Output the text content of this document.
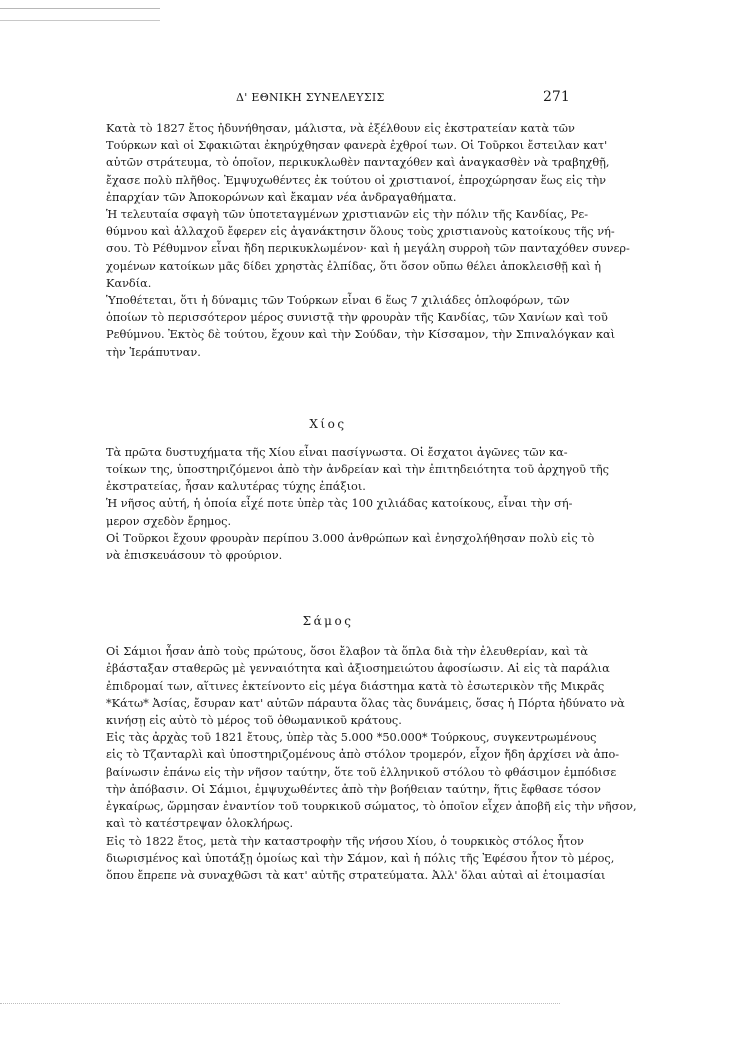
Δ' ΕΘΝΙΚΗ ΣΥΝΕΛΕΥΣΙΣ	271

Κατὰ τὸ 1827 ἔτος ἠδυνήθησαν, μάλιστα, νὰ ἐξέλθουν εἰς ἐκστρατείαν κατὰ τῶν
Τούρκων καὶ οἱ Σφακιῶται ἐκηρύχθησαν φανερὰ ἐχθροί των. Οἱ Τοῦρκοι ἔστειλαν κατ'
αὐτῶν στράτευμα, τὸ ὁποῖον, περικυκλωθὲν πανταχόθεν καὶ ἀναγκασθὲν νὰ τραβηχθῇ,
ἔχασε πολὺ πλῆθος. Ἐμψυχωθέντες ἐκ τούτου οἱ χριστιανοί, ἐπροχώρησαν ἕως εἰς τὴν
ἐπαρχίαν τῶν Ἀποκορώνων καὶ ἔκαμαν νέα ἀνδραγαθήματα.

Ἡ τελευταία σφαγὴ τῶν ὑποτεταγμένων χριστιανῶν εἰς τὴν πόλιν τῆς Κανδίας, Ρε-
θύμνου καὶ ἀλλαχοῦ ἔφερεν εἰς ἀγανάκτησιν ὅλους τοὺς χριστιανοὺς κατοίκους τῆς νή-
σου. Τὸ Ρέθυμνον εἶναι ἤδη περικυκλωμένον· καὶ ἡ μεγάλη συρροὴ τῶν πανταχόθεν συνερ-
χομένων κατοίκων μᾶς δίδει χρηστὰς ἐλπίδας, ὅτι ὅσον οὔπω θέλει ἀποκλεισθῇ καὶ ἡ
Κανδία.

Ὑποθέτεται, ὅτι ἡ δύναμις τῶν Τούρκων εἶναι 6 ἕως 7 χιλιάδες ὁπλοφόρων, τῶν
ὁποίων τὸ περισσότερον μέρος συνιστᾷ τὴν φρουρὰν τῆς Κανδίας, τῶν Χανίων καὶ τοῦ
Ρεθύμνου. Ἐκτὸς δὲ τούτου, ἔχουν καὶ τὴν Σούδαν, τὴν Κίσσαμον, τὴν Σπιναλόγκαν καὶ
τὴν Ἱεράπυτναν.

Χίος

Τὰ πρῶτα δυστυχήματα τῆς Χίου εἶναι πασίγνωστα. Οἱ ἔσχατοι ἀγῶνες τῶν κα-
τοίκων της, ὑποστηριζόμενοι ἀπὸ τὴν ἀνδρείαν καὶ τὴν ἐπιτηδειότητα τοῦ ἀρχηγοῦ τῆς
ἐκστρατείας, ἦσαν καλυτέρας τύχης ἐπάξιοι.

Ἡ νῆσος αὐτή, ἡ ὁποία εἶχέ ποτε ὑπὲρ τὰς 100 χιλιάδας κατοίκους, εἶναι τὴν σή-
μερον σχεδὸν ἔρημος.

Οἱ Τοῦρκοι ἔχουν φρουρὰν περίπου 3.000 ἀνθρώπων καὶ ἐνησχολήθησαν πολὺ εἰς τὸ
νὰ ἐπισκευάσουν τὸ φρούριον.

Σάμος

Οἱ Σάμιοι ἦσαν ἀπὸ τοὺς πρώτους, ὅσοι ἔλαβον τὰ ὅπλα διὰ τὴν ἐλευθερίαν, καὶ τὰ
ἐβάσταξαν σταθερῶς μὲ γενναιότητα καὶ ἀξιοσημειώτου ἀφοσίωσιν. Αἱ εἰς τὰ παράλια
ἐπιδρομαί των, αἵτινες ἐκτείνοντο εἰς μέγα διάστημα κατὰ τὸ ἐσωτερικὸν τῆς Μικρᾶς
*Κάτω* Ἀσίας, ἔσυραν κατ' αὐτῶν πάραυτα ὅλας τὰς δυνάμεις, ὅσας ἡ Πόρτα ἠδύνατο νὰ
κινήσῃ εἰς αὐτὸ τὸ μέρος τοῦ ὀθωμανικοῦ κράτους.

Εἰς τὰς ἀρχὰς τοῦ 1821 ἔτους, ὑπὲρ τὰς 5.000 *50.000* Τούρκους, συγκεντρωμένους
εἰς τὸ Τζανταρλὶ καὶ ὑποστηριζομένους ἀπὸ στόλον τρομερόν, εἶχον ἤδη ἀρχίσει νὰ ἀπο-
βαίνωσιν ἐπάνω εἰς τὴν νῆσον ταύτην, ὅτε τοῦ ἑλληνικοῦ στόλου τὸ φθάσιμον ἐμπόδισε
τὴν ἀπόβασιν. Οἱ Σάμιοι, ἐμψυχωθέντες ἀπὸ τὴν βοήθειαν ταύτην, ἥτις ἔφθασε τόσον
ἐγκαίρως, ὥρμησαν ἐναντίον τοῦ τουρκικοῦ σώματος, τὸ ὁποῖον εἶχεν ἀποβῆ εἰς τὴν νῆσον,
καὶ τὸ κατέστρεψαν ὁλοκλήρως.

Εἰς τὸ 1822 ἔτος, μετὰ τὴν καταστροφὴν τῆς νήσου Χίου, ὁ τουρκικὸς στόλος ἦτον
διωρισμένος καὶ ὑποτάξῃ ὁμοίως καὶ τὴν Σάμον, καὶ ἡ πόλις τῆς Ἐφέσου ἦτον τὸ μέρος,
ὅπου ἔπρεπε νὰ συναχθῶσι τὰ κατ' αὐτῆς στρατεύματα. Ἀλλ' ὅλαι αὐταὶ αἱ ἑτοιμασίαι
